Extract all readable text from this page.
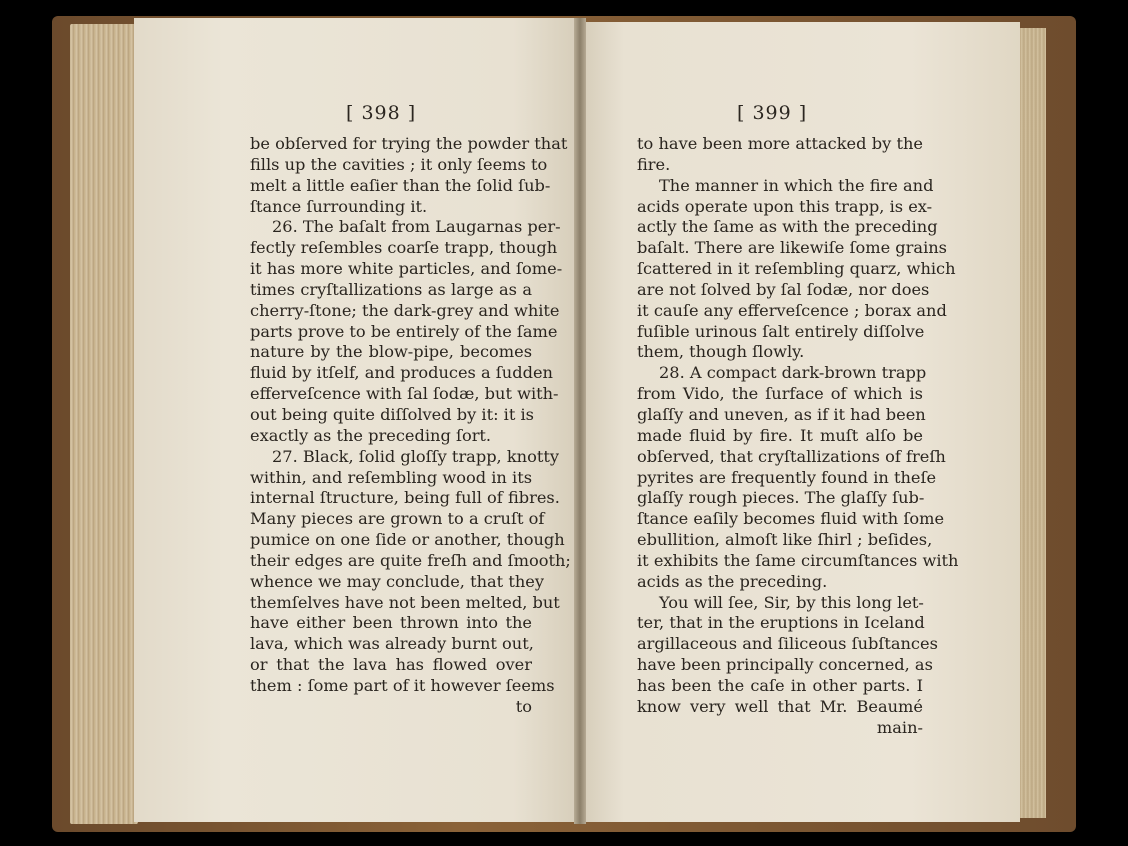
[ 398 ]
be obſerved for trying the powder that
fills up the cavities ; it only ſeems to
melt a little eaſier than the ſolid ſub-
ſtance ſurrounding it.
26. The baſalt from Laugarnas per-
fectly reſembles coarſe trapp, though
it has more white particles, and ſome-
times cryſtallizations as large as a
cherry-ſtone; the dark-grey and white
parts prove to be entirely of the ſame
nature by the blow-pipe, becomes
fluid by itſelf, and produces a ſudden
efferveſcence with ſal ſodæ, but with-
out being quite diſſolved by it: it is
exactly as the preceding ſort.
27. Black, ſolid gloſſy trapp, knotty
within, and reſembling wood in its
internal ſtructure, being full of fibres.
Many pieces are grown to a cruſt of
pumice on one ſide or another, though
their edges are quite freſh and ſmooth;
whence we may conclude, that they
themſelves have not been melted, but
have either been thrown into the
lava, which was already burnt out,
or that the lava has flowed over
them : ſome part of it however ſeems
to
[ 399 ]
to have been more attacked by the
fire.
The manner in which the fire and
acids operate upon this trapp, is ex-
actly the ſame as with the preceding
baſalt. There are likewiſe ſome grains
ſcattered in it reſembling quarz, which
are not ſolved by ſal ſodæ, nor does
it cauſe any efferveſcence ; borax and
fuſible urinous ſalt entirely diſſolve
them, though ſlowly.
28. A compact dark-brown trapp
from Vido, the ſurface of which is
glaſſy and uneven, as if it had been
made fluid by fire. It muſt alſo be
obſerved, that cryſtallizations of freſh
pyrites are frequently found in theſe
glaſſy rough pieces. The glaſſy ſub-
ſtance eaſily becomes fluid with ſome
ebullition, almoſt like ſhirl ; beſides,
it exhibits the ſame circumſtances with
acids as the preceding.
You will ſee, Sir, by this long let-
ter, that in the eruptions in Iceland
argillaceous and ſiliceous ſubſtances
have been principally concerned, as
has been the caſe in other parts. I
know very well that Mr. Beaumé
main-
